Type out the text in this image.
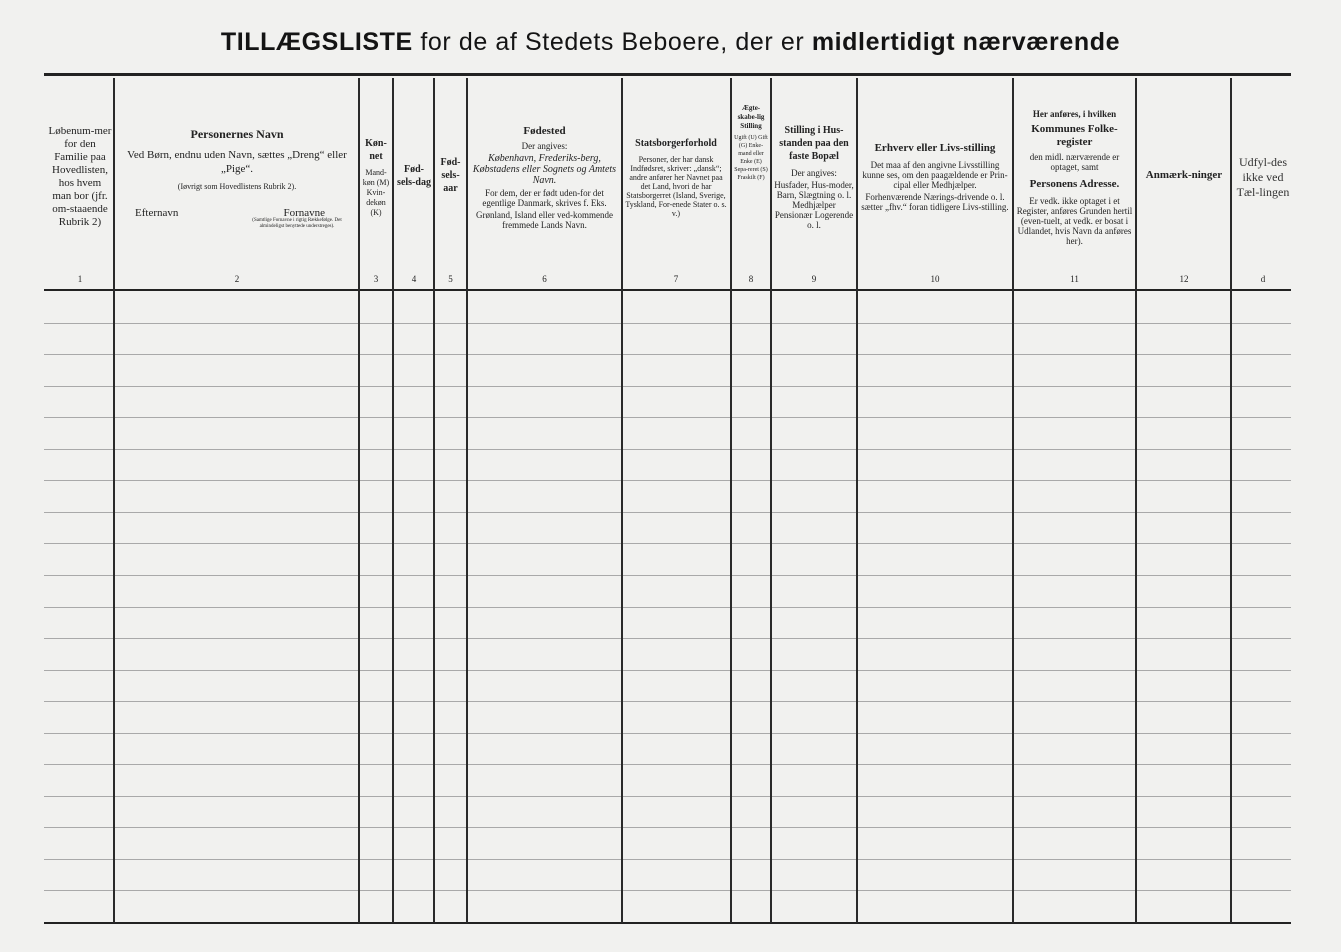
TILLÆGSLISTE for de af Stedets Beboere, der er midlertidigt nærværende
Løbenum-mer for den Familie paa Hovedlisten, hos hvem man bor (jfr. om-staaende Rubrik 2)
Personernes Navn
Ved Børn, endnu uden Navn, sættes „Dreng“ eller „Pige“.
(Iøvrigt som Hovedlistens Rubrik 2).
Efternavn	Fornavne
(Samtlige Fornavne i rigtig Rækkefølge. Det almindeligst benyttede understreges).
Køn-net
Mand-køn (M) Kvin-dekøn (K)
Fød-sels-dag
Fød-sels-aar
Fødested
Der angives:
København, Frederiks-berg, Købstadens eller Sognets og Amtets Navn.
For dem, der er født uden-for det egentlige Danmark, skrives f. Eks.
Grønland, Island eller ved-kommende fremmede Lands Navn.
Statsborgerforhold
Personer, der har dansk Indfødsret, skriver: „dansk“; andre anfører her Navnet paa det Land, hvori de har Statsborgerret (Island, Sverige, Tyskland, For-enede Stater o. s. v.)
Ægte-skabe-lig Stilling
Ugift (U) Gift (G) Enke-mand eller Enke (E) Sepa-reret (S) Fraskilt (F)
Stilling i Hus-standen paa den faste Bopæl
Der angives:
Husfader, Hus-moder, Barn, Slægtning o. l. Medhjælper Pensionær Logerende o. l.
Erhverv eller Livs-stilling
Det maa af den angivne Livsstilling kunne ses, om den paagældende er Prin-cipal eller Medhjælper.
Forhenværende Nærings-drivende o. l. sætter „fhv.“ foran tidligere Livs-stilling.
Her anføres, i hvilken
Kommunes Folke-register
den midl. nærværende er optaget, samt
Personens Adresse.
Er vedk. ikke optaget i et Register, anføres Grunden hertil (even-tuelt, at vedk. er bosat i Udlandet, hvis Navn da anføres her).
Anmærk-ninger
Udfyl-des ikke ved Tæl-lingen
1	2	3	4	5	6	7	8	9	10	11	12	d
